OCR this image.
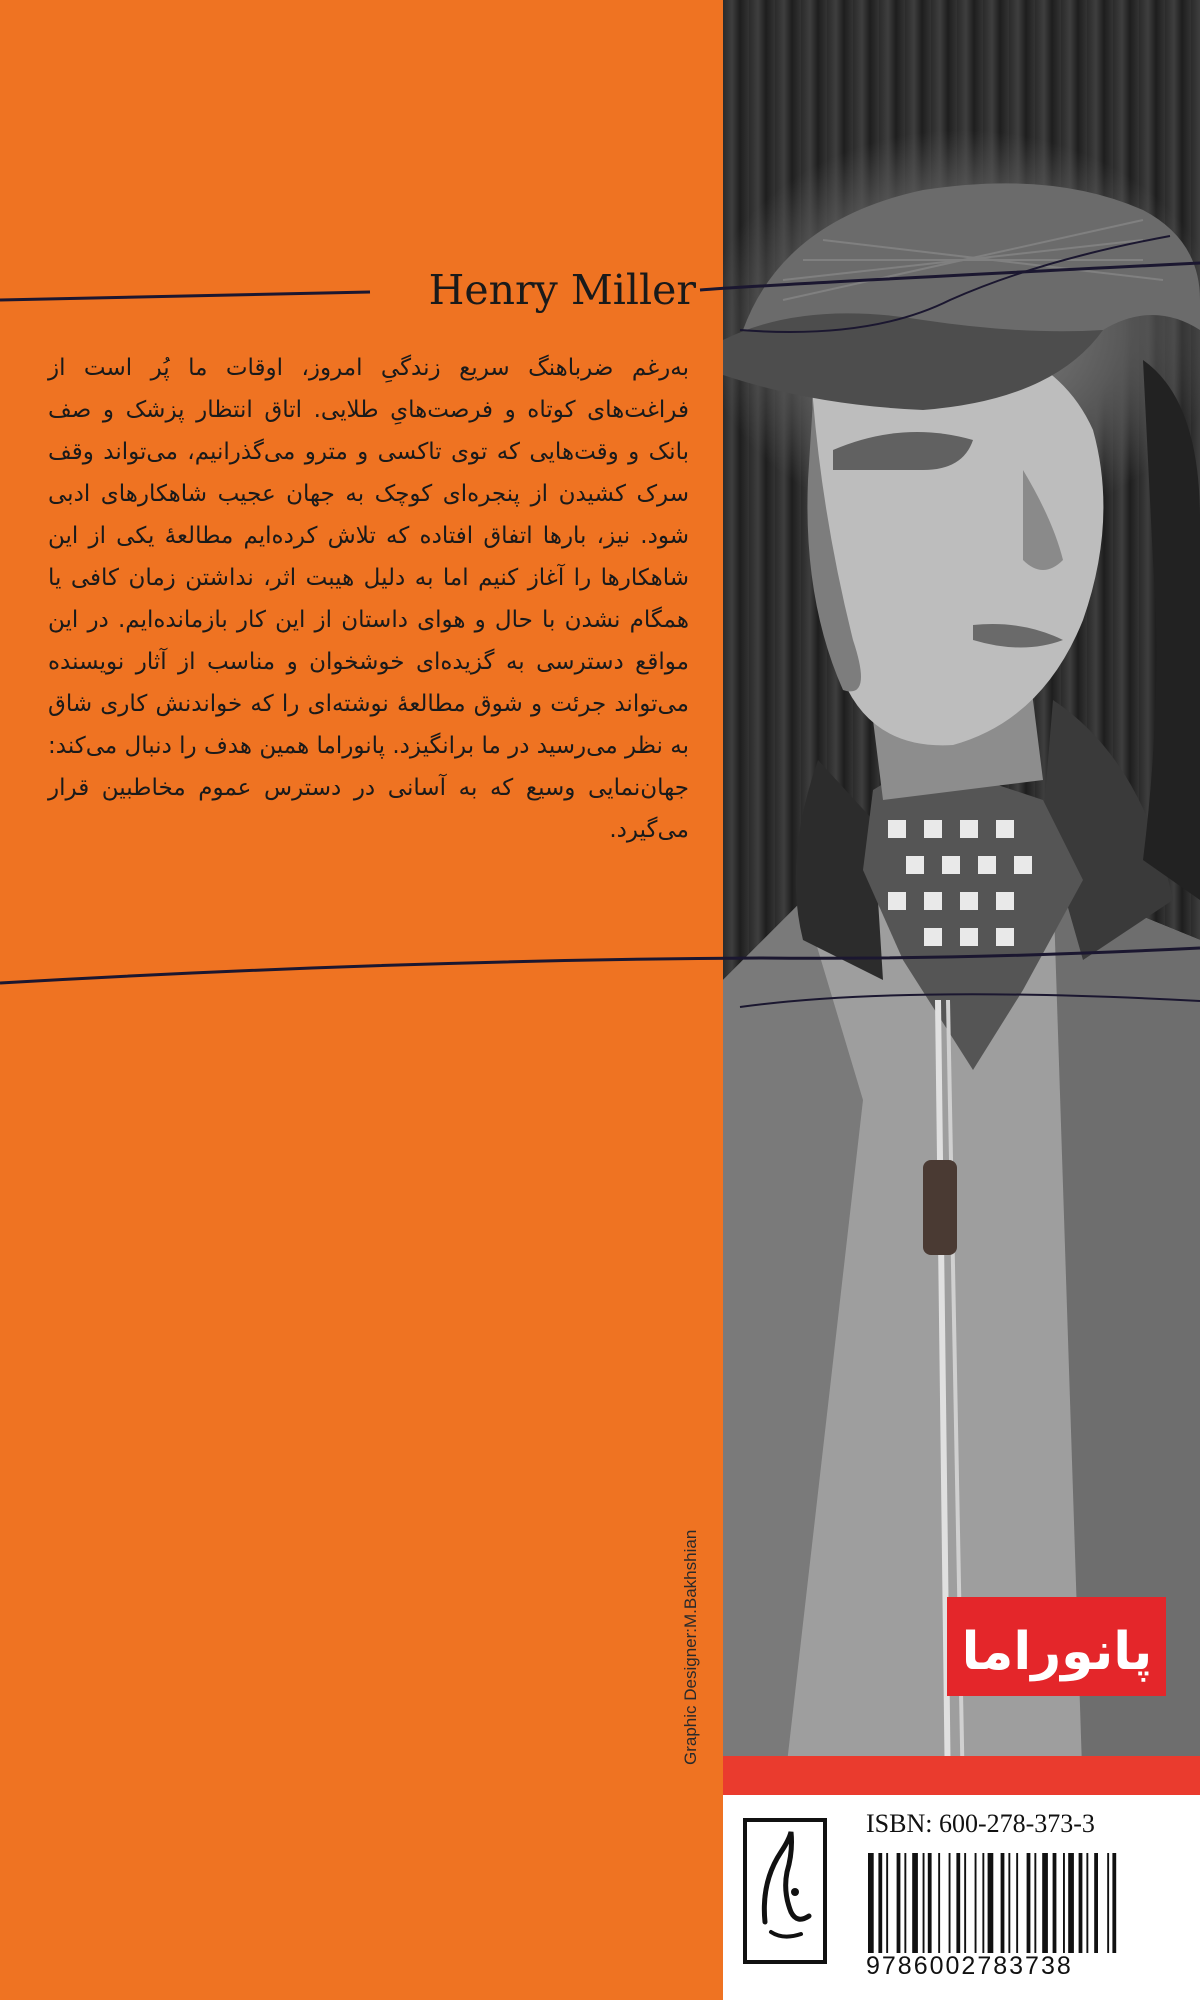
Henry Miller
به‌رغم ضرباهنگ سریع زندگیِ امروز، اوقات ما پُر است از فراغت‌های کوتاه و فرصت‌هایِ طلایی. اتاق انتظار پزشک و صف بانک و وقت‌هایی که توی تاکسی و مترو می‌گذرانیم، می‌تواند وقف سرک کشیدن از پنجره‌ای کوچک به جهان عجیب شاهکارهای ادبی شود. نیز، بارها اتفاق افتاده که تلاش کرده‌ایم مطالعهٔ یکی از این شاهکارها را آغاز کنیم اما به دلیل هیبت اثر، نداشتن زمان کافی یا همگام نشدن با حال و هوای داستان از این کار بازمانده‌ایم. در این مواقع دسترسی به گزیده‌ای خوشخوان و مناسب از آثار نویسنده می‌تواند جرئت و شوق مطالعهٔ نوشته‌ای را که خواندنش کاری شاق به نظر می‌رسید در ما برانگیزد. پانوراما همین هدف را دنبال می‌کند: جهان‌نمایی وسیع که به آسانی در دسترس عموم مخاطبین قرار می‌گیرد.
Graphic Designer:M.Bakhshian	پانوراما
ISBN: 600-278-373-3
9786002783738
